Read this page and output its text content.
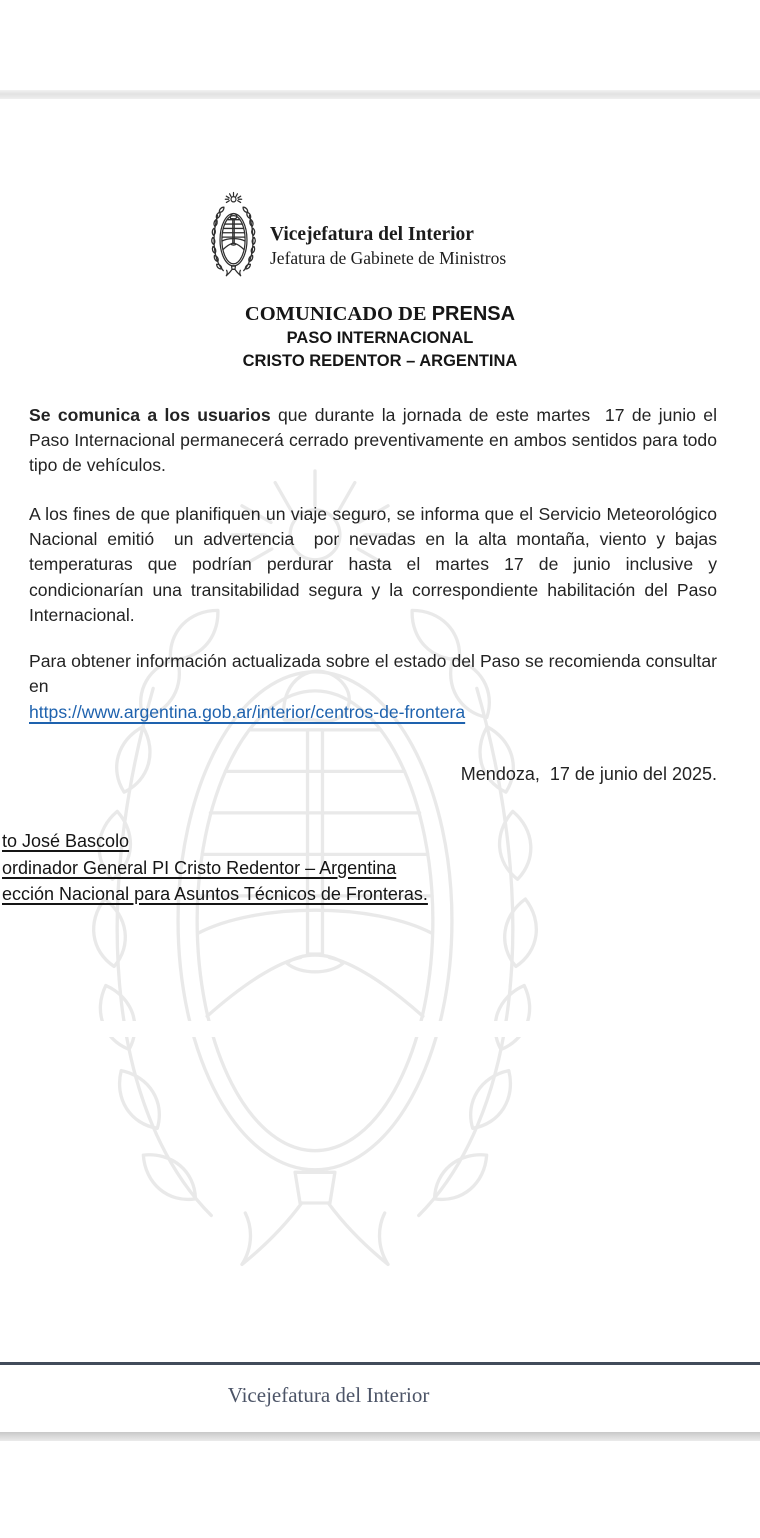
Vicejefatura del Interior
Jefatura de Gabinete de Ministros
COMUNICADO DE PRENSA
PASO INTERNACIONAL
CRISTO REDENTOR – ARGENTINA

Se comunica a los usuarios que durante la jornada de este martes  17 de junio el Paso Internacional permanecerá cerrado preventivamente en ambos sentidos para todo tipo de vehículos.

A los fines de que planifiquen un viaje seguro, se informa que el Servicio Meteorológico Nacional emitió  un advertencia  por nevadas en la alta montaña, viento y bajas temperaturas que podrían perdurar hasta el martes 17 de junio inclusive y condicionarían una transitabilidad segura y la correspondiente habilitación del Paso Internacional.

Para obtener información actualizada sobre el estado del Paso se recomienda consultar en

https://www.argentina.gob.ar/interior/centros-de-frontera
Mendoza,  17 de junio del 2025.
to José Bascolo
ordinador General PI Cristo Redentor – Argentina
ección Nacional para Asuntos Técnicos de Fronteras.
Vicejefatura del Interior
